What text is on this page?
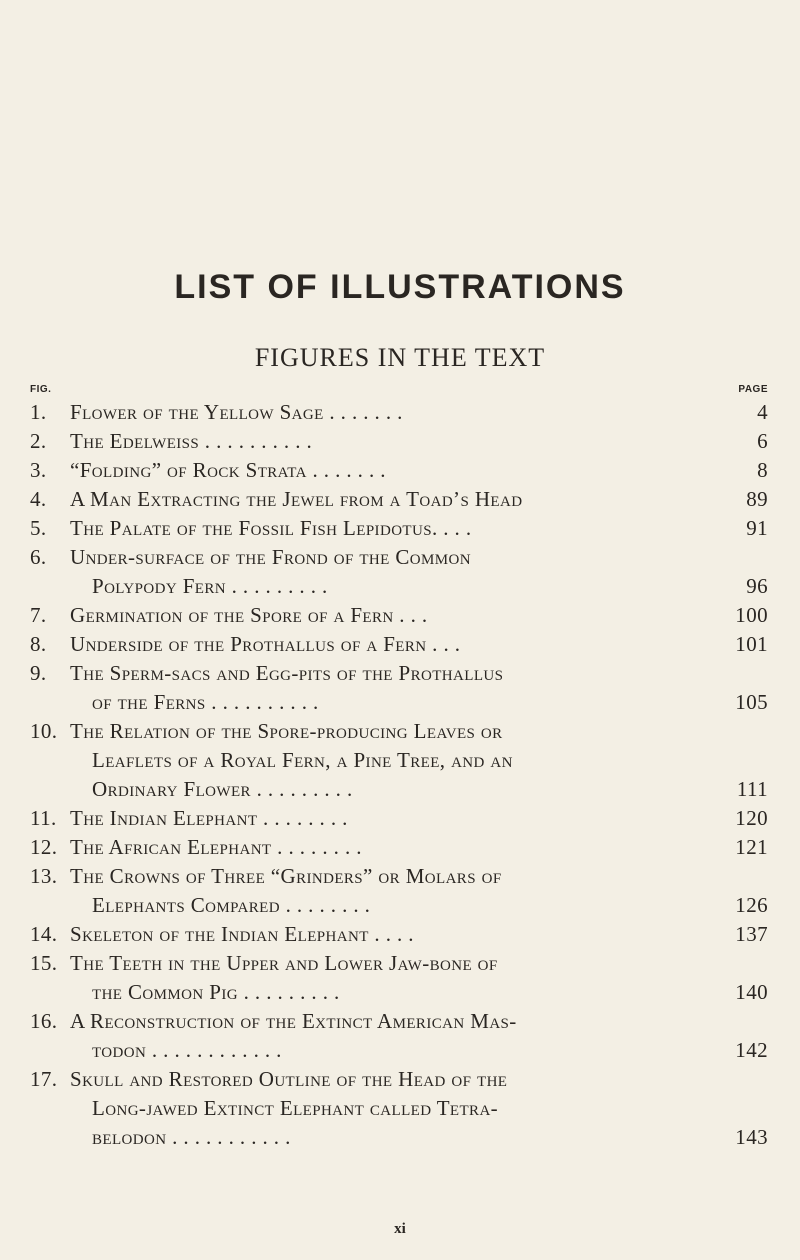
LIST OF ILLUSTRATIONS
FIGURES IN THE TEXT
FIG.	PAGE
1.	Flower of the Yellow Sage . . . . . . .	4
2.	The Edelweiss . . . . . . . . . .	6
3.	“Folding” of Rock Strata . . . . . . .	8
4.	A Man Extracting the Jewel from a Toad’s Head	89
5.	The Palate of the Fossil Fish Lepidotus. . . .	91
6.	Under-surface of the Frond of the Common
Polypody Fern . . . . . . . . .	96
7.	Germination of the Spore of a Fern . . .	100
8.	Underside of the Prothallus of a Fern . . .	101
9.	The Sperm-sacs and Egg-pits of the Prothallus
of the Ferns . . . . . . . . . .	105
10. The Relation of the Spore-producing Leaves or
Leaflets of a Royal Fern, a Pine Tree, and an
Ordinary Flower . . . . . . . . .	111
11. The Indian Elephant . . . . . . . .	120
12. The African Elephant . . . . . . . .	121
13. The Crowns of Three “Grinders” or Molars of
Elephants Compared . . . . . . . .	126
14. Skeleton of the Indian Elephant . . . .	137
15. The Teeth in the Upper and Lower Jaw-bone of
the Common Pig . . . . . . . . .	140
16. A Reconstruction of the Extinct American Mas-
todon . . . . . . . . . . . .	142
17. Skull and Restored Outline of the Head of the
Long-jawed Extinct Elephant called Tetra-
belodon . . . . . . . . . . .	143
xi
